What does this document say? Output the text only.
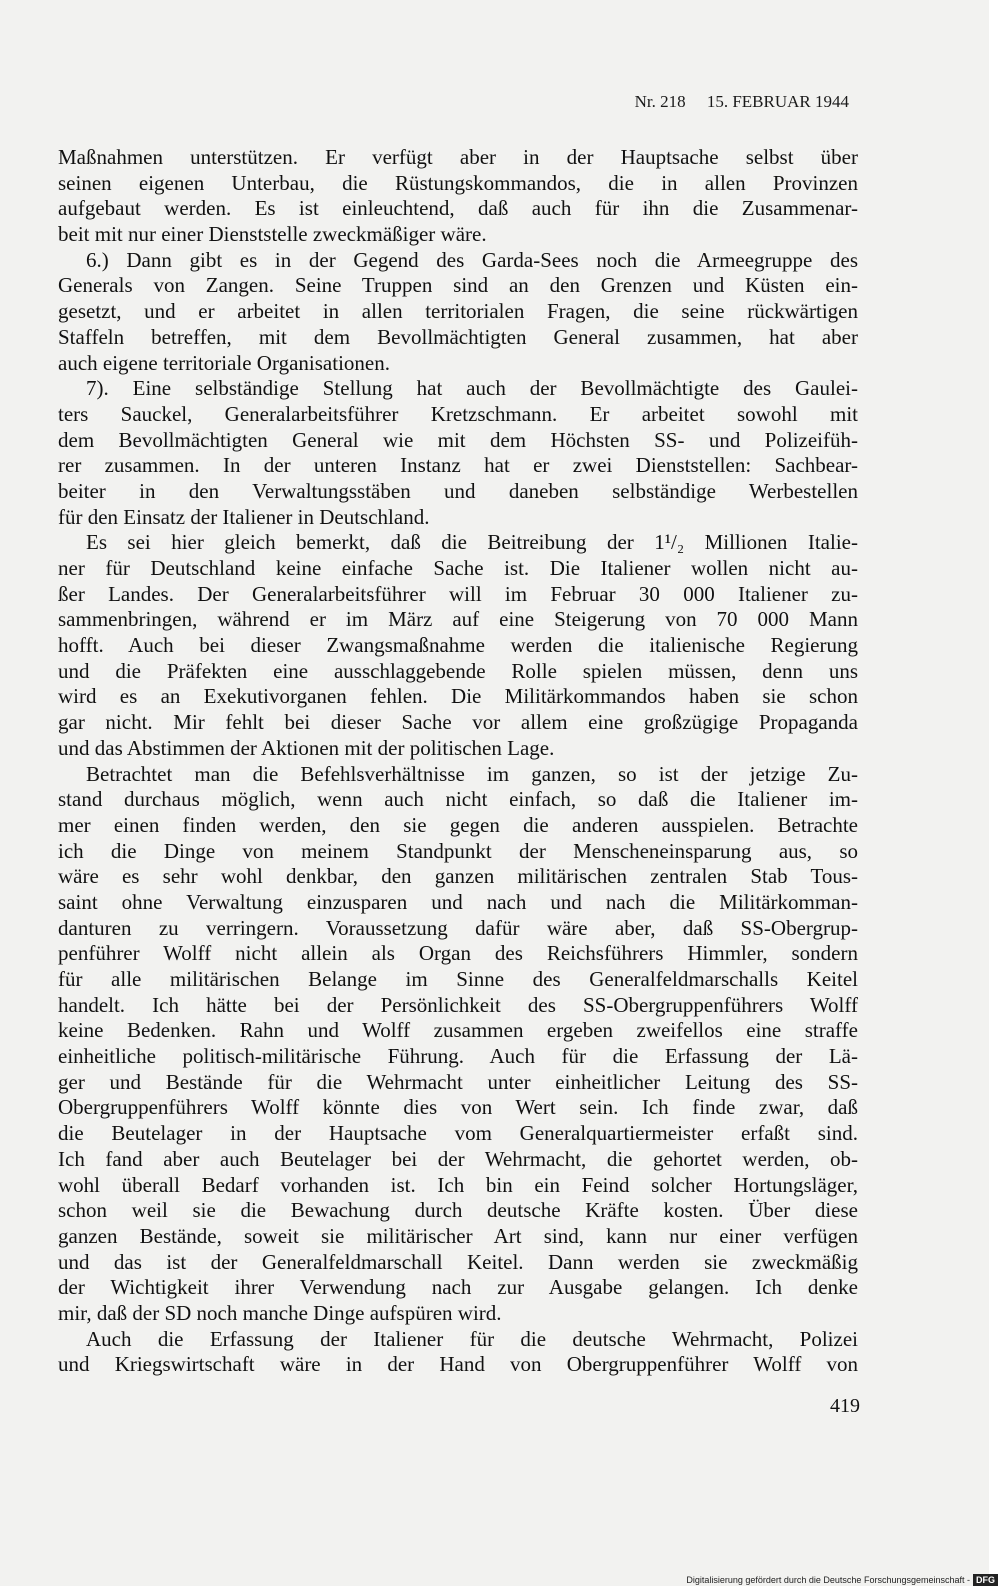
Nr. 218 15. FEBRUAR 1944
Maßnahmen unterstützen. Er verfügt aber in der Hauptsache selbst über
seinen eigenen Unterbau, die Rüstungskommandos, die in allen Provinzen
aufgebaut werden. Es ist einleuchtend, daß auch für ihn die Zusammenar-
beit mit nur einer Dienststelle zweckmäßiger wäre.
6.) Dann gibt es in der Gegend des Garda-Sees noch die Armeegruppe des
Generals von Zangen. Seine Truppen sind an den Grenzen und Küsten ein-
gesetzt, und er arbeitet in allen territorialen Fragen, die seine rückwärtigen
Staffeln betreffen, mit dem Bevollmächtigten General zusammen, hat aber
auch eigene territoriale Organisationen.
7). Eine selbständige Stellung hat auch der Bevollmächtigte des Gaulei-
ters Sauckel, Generalarbeitsführer Kretzschmann. Er arbeitet sowohl mit
dem Bevollmächtigten General wie mit dem Höchsten SS- und Polizeifüh-
rer zusammen. In der unteren Instanz hat er zwei Dienststellen: Sachbear-
beiter in den Verwaltungsstäben und daneben selbständige Werbestellen
für den Einsatz der Italiener in Deutschland.
Es sei hier gleich bemerkt, daß die Beitreibung der 1¹/₂ Millionen Italie-
ner für Deutschland keine einfache Sache ist. Die Italiener wollen nicht au-
ßer Landes. Der Generalarbeitsführer will im Februar 30 000 Italiener zu-
sammenbringen, während er im März auf eine Steigerung von 70 000 Mann
hofft. Auch bei dieser Zwangsmaßnahme werden die italienische Regierung
und die Präfekten eine ausschlaggebende Rolle spielen müssen, denn uns
wird es an Exekutivorganen fehlen. Die Militärkommandos haben sie schon
gar nicht. Mir fehlt bei dieser Sache vor allem eine großzügige Propaganda
und das Abstimmen der Aktionen mit der politischen Lage.
Betrachtet man die Befehlsverhältnisse im ganzen, so ist der jetzige Zu-
stand durchaus möglich, wenn auch nicht einfach, so daß die Italiener im-
mer einen finden werden, den sie gegen die anderen ausspielen. Betrachte
ich die Dinge von meinem Standpunkt der Menscheneinsparung aus, so
wäre es sehr wohl denkbar, den ganzen militärischen zentralen Stab Tous-
saint ohne Verwaltung einzusparen und nach und nach die Militärkomman-
danturen zu verringern. Voraussetzung dafür wäre aber, daß SS-Obergrup-
penführer Wolff nicht allein als Organ des Reichsführers Himmler, sondern
für alle militärischen Belange im Sinne des Generalfeldmarschalls Keitel
handelt. Ich hätte bei der Persönlichkeit des SS-Obergruppenführers Wolff
keine Bedenken. Rahn und Wolff zusammen ergeben zweifellos eine straffe
einheitliche politisch-militärische Führung. Auch für die Erfassung der Lä-
ger und Bestände für die Wehrmacht unter einheitlicher Leitung des SS-
Obergruppenführers Wolff könnte dies von Wert sein. Ich finde zwar, daß
die Beutelager in der Hauptsache vom Generalquartiermeister erfaßt sind.
Ich fand aber auch Beutelager bei der Wehrmacht, die gehortet werden, ob-
wohl überall Bedarf vorhanden ist. Ich bin ein Feind solcher Hortungsläger,
schon weil sie die Bewachung durch deutsche Kräfte kosten. Über diese
ganzen Bestände, soweit sie militärischer Art sind, kann nur einer verfügen
und das ist der Generalfeldmarschall Keitel. Dann werden sie zweckmäßig
der Wichtigkeit ihrer Verwendung nach zur Ausgabe gelangen. Ich denke
mir, daß der SD noch manche Dinge aufspüren wird.
Auch die Erfassung der Italiener für die deutsche Wehrmacht, Polizei
und Kriegswirtschaft wäre in der Hand von Obergruppenführer Wolff von
419
Digitalisierung gefördert durch die Deutsche Forschungsgemeinschaft - DFG
